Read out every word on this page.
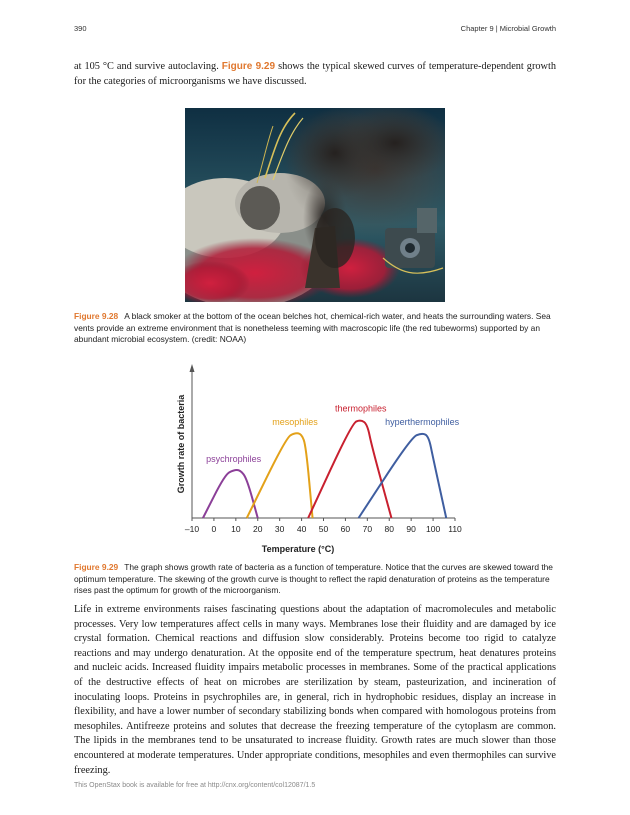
390	Chapter 9 | Microbial Growth

at 105 °C and survive autoclaving. Figure 9.29 shows the typical skewed curves of temperature-dependent growth for the categories of microorganisms we have discussed.

Figure 9.28 A black smoker at the bottom of the ocean belches hot, chemical-rich water, and heats the surrounding waters. Sea vents provide an extreme environment that is nonetheless teeming with macroscopic life (the red tubeworms) supported by an abundant microbial ecosystem. (credit: NOAA)

–10 0 10 20 30 40 50 60 70 80 90 100 110
psychrophiles
mesophiles
thermophiles
hyperthermophiles
Temperature (°C)
Growth rate of bacteria

Figure 9.29 The graph shows growth rate of bacteria as a function of temperature. Notice that the curves are skewed toward the optimum temperature. The skewing of the growth curve is thought to reflect the rapid denaturation of proteins as the temperature rises past the optimum for growth of the microorganism.

Life in extreme environments raises fascinating questions about the adaptation of macromolecules and metabolic processes. Very low temperatures affect cells in many ways. Membranes lose their fluidity and are damaged by ice crystal formation. Chemical reactions and diffusion slow considerably. Proteins become too rigid to catalyze reactions and may undergo denaturation. At the opposite end of the temperature spectrum, heat denatures proteins and nucleic acids. Increased fluidity impairs metabolic processes in membranes. Some of the practical applications of the destructive effects of heat on microbes are sterilization by steam, pasteurization, and incineration of inoculating loops. Proteins in psychrophiles are, in general, rich in hydrophobic residues, display an increase in flexibility, and have a lower number of secondary stabilizing bonds when compared with homologous proteins from mesophiles. Antifreeze proteins and solutes that decrease the freezing temperature of the cytoplasm are common. The lipids in the membranes tend to be unsaturated to increase fluidity. Growth rates are much slower than those encountered at moderate temperatures. Under appropriate conditions, mesophiles and even thermophiles can survive freezing.

This OpenStax book is available for free at http://cnx.org/content/col12087/1.5
